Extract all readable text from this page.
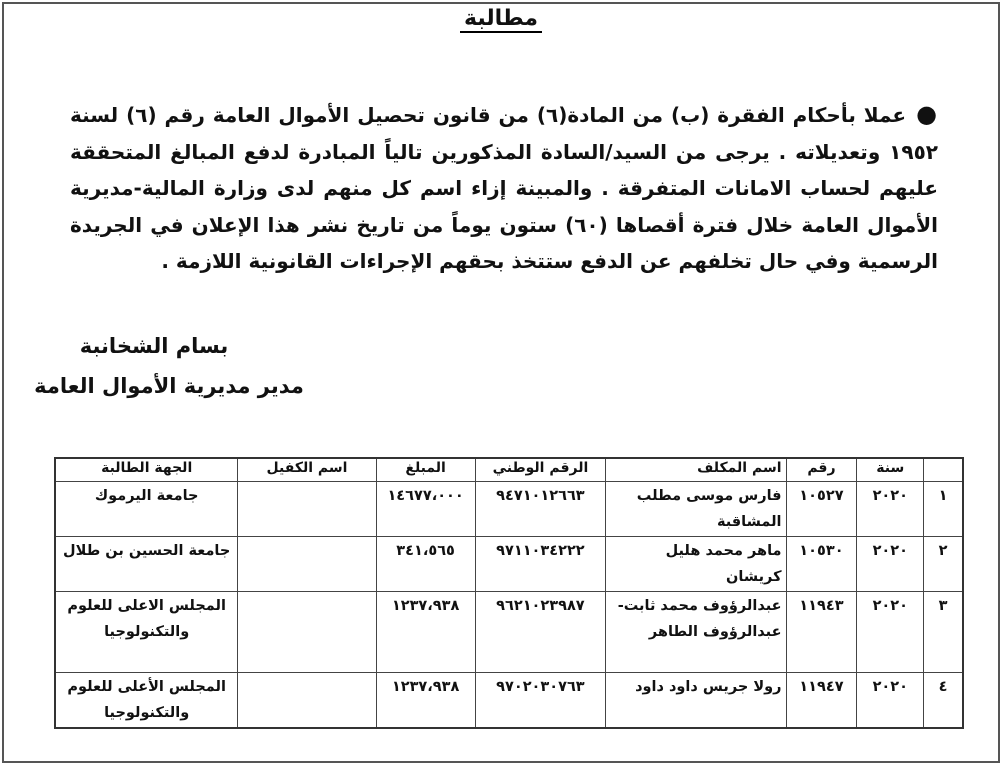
مطالبة
●عملا بأحكام الفقرة (ب) من المادة(٦) من قانون تحصيل الأموال العامة رقم (٦) لسنة ١٩٥٢ وتعديلاته . يرجى من السيد/السادة المذكورين تالياً المبادرة لدفع المبالغ المتحققة عليهم لحساب الامانات المتفرقة . والمبينة إزاء اسم كل منهم لدى وزارة المالية-مديرية الأموال العامة خلال فترة أقصاها (٦٠) ستون يوماً من تاريخ نشر هذا الإعلان في الجريدة الرسمية وفي حال تخلفهم عن الدفع ستتخذ بحقهم الإجراءات القانونية اللازمة .
بسام الشخانبة
مدير مديرية الأموال العامة
	سنة	رقم	اسم المكلف	الرقم الوطني	المبلغ	اسم الكفيل	الجهة الطالبة
١	٢٠٢٠	١٠٥٢٧	فارس موسى مطلب المشاقبة	٩٤٧١٠١٢٦٦٣	١٤٦٧٧،٠٠٠		جامعة اليرموك
٢	٢٠٢٠	١٠٥٣٠	ماهر محمد هليل كريشان	٩٧١١٠٣٤٢٢٢	٣٤١،٥٦٥		جامعة الحسين بن طلال
٣	٢٠٢٠	١١٩٤٣	عبدالرؤوف محمد ثابت-عبدالرؤوف الطاهر	٩٦٢١٠٢٣٩٨٧	١٢٣٧،٩٣٨		المجلس الاعلى للعلوم والتكنولوجيا
٤	٢٠٢٠	١١٩٤٧	رولا جريس داود داود	٩٧٠٢٠٣٠٧٦٣	١٢٣٧،٩٣٨		المجلس الأعلى للعلوم والتكنولوجيا
